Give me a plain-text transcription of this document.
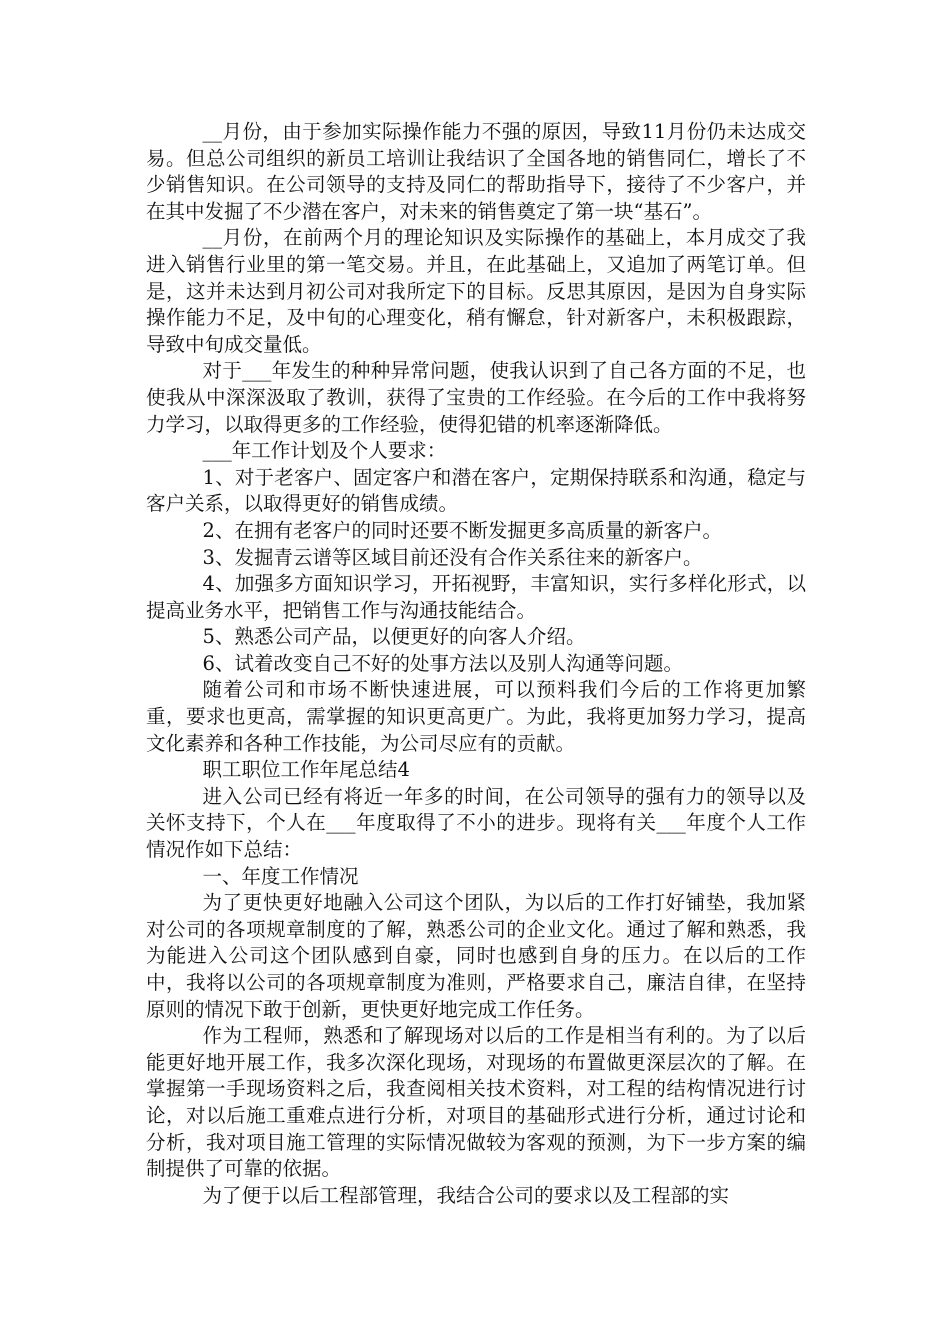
__月份，由于参加实际操作能力不强的原因，导致11月份仍未达成交易。但总公司组织的新员工培训让我结识了全国各地的销售同仁，增长了不少销售知识。在公司领导的支持及同仁的帮助指导下，接待了不少客户，并在其中发掘了不少潜在客户，对未来的销售奠定了第一块“基石”。

__月份，在前两个月的理论知识及实际操作的基础上，本月成交了我进入销售行业里的第一笔交易。并且，在此基础上，又追加了两笔订单。但是，这并未达到月初公司对我所定下的目标。反思其原因，是因为自身实际操作能力不足，及中旬的心理变化，稍有懈怠，针对新客户，未积极跟踪，导致中旬成交量低。

对于___年发生的种种异常问题，使我认识到了自己各方面的不足，也使我从中深深汲取了教训，获得了宝贵的工作经验。在今后的工作中我将努力学习，以取得更多的工作经验，使得犯错的机率逐渐降低。

___年工作计划及个人要求：

1、对于老客户、固定客户和潜在客户，定期保持联系和沟通，稳定与客户关系，以取得更好的销售成绩。

2、在拥有老客户的同时还要不断发掘更多高质量的新客户。

3、发掘青云谱等区域目前还没有合作关系往来的新客户。

4、加强多方面知识学习，开拓视野，丰富知识，实行多样化形式，以提高业务水平，把销售工作与沟通技能结合。

5、熟悉公司产品，以便更好的向客人介绍。

6、试着改变自己不好的处事方法以及别人沟通等问题。

随着公司和市场不断快速进展，可以预料我们今后的工作将更加繁重，要求也更高，需掌握的知识更高更广。为此，我将更加努力学习，提高文化素养和各种工作技能，为公司尽应有的贡献。

职工职位工作年尾总结4

进入公司已经有将近一年多的时间，在公司领导的强有力的领导以及关怀支持下，个人在___年度取得了不小的进步。现将有关___年度个人工作情况作如下总结：

一、年度工作情况

为了更快更好地融入公司这个团队，为以后的工作打好铺垫，我加紧对公司的各项规章制度的了解，熟悉公司的企业文化。通过了解和熟悉，我为能进入公司这个团队感到自豪，同时也感到自身的压力。在以后的工作中，我将以公司的各项规章制度为准则，严格要求自己，廉洁自律，在坚持原则的情况下敢于创新，更快更好地完成工作任务。

作为工程师，熟悉和了解现场对以后的工作是相当有利的。为了以后能更好地开展工作，我多次深化现场，对现场的布置做更深层次的了解。在掌握第一手现场资料之后，我查阅相关技术资料，对工程的结构情况进行讨论，对以后施工重难点进行分析，对项目的基础形式进行分析，通过讨论和分析，我对项目施工管理的实际情况做较为客观的预测，为下一步方案的编制提供了可靠的依据。

为了便于以后工程部管理，我结合公司的要求以及工程部的实
